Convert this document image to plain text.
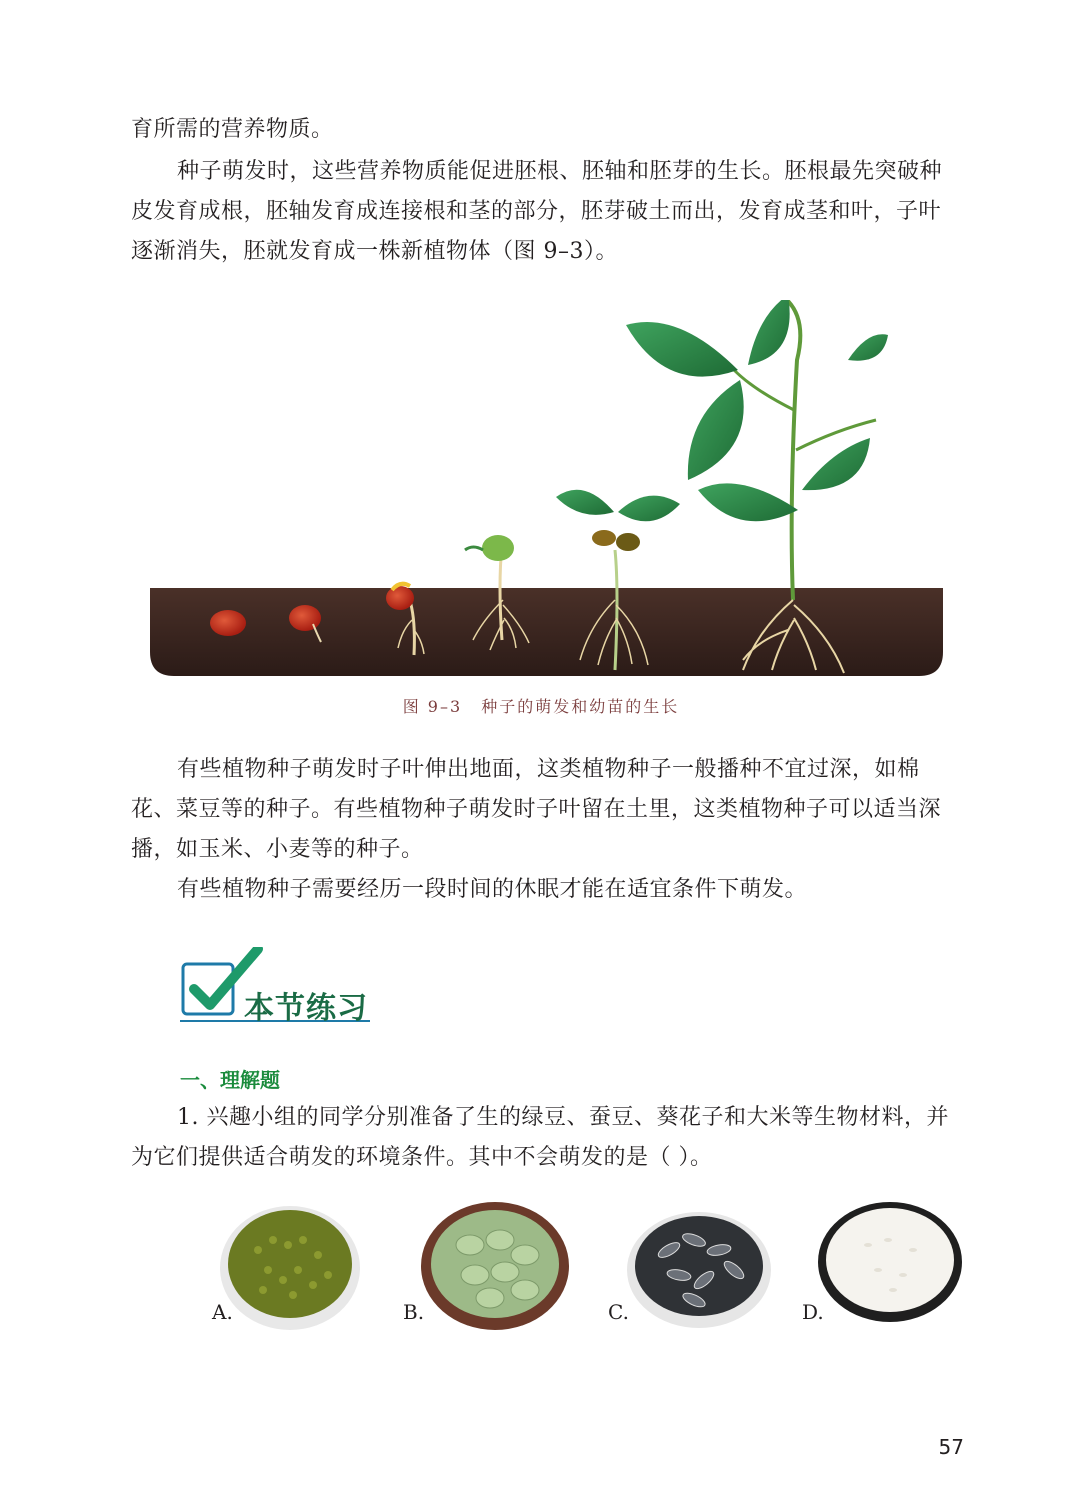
育所需的营养物质。

种子萌发时，这些营养物质能促进胚根、胚轴和胚芽的生长。胚根最先突破种皮发育成根，胚轴发育成连接根和茎的部分，胚芽破土而出，发育成茎和叶，子叶逐渐消失，胚就发育成一株新植物体（图 9–3）。

图 9–3 种子的萌发和幼苗的生长

有些植物种子萌发时子叶伸出地面，这类植物种子一般播种不宜过深，如棉花、菜豆等的种子。有些植物种子萌发时子叶留在土里，这类植物种子可以适当深播，如玉米、小麦等的种子。

有些植物种子需要经历一段时间的休眠才能在适宜条件下萌发。

本节练习
一、理解题

1. 兴趣小组的同学分别准备了生的绿豆、蚕豆、葵花子和大米等生物材料，并为它们提供适合萌发的环境条件。其中不会萌发的是（ ）。

A.	B.	C.	D.
57
